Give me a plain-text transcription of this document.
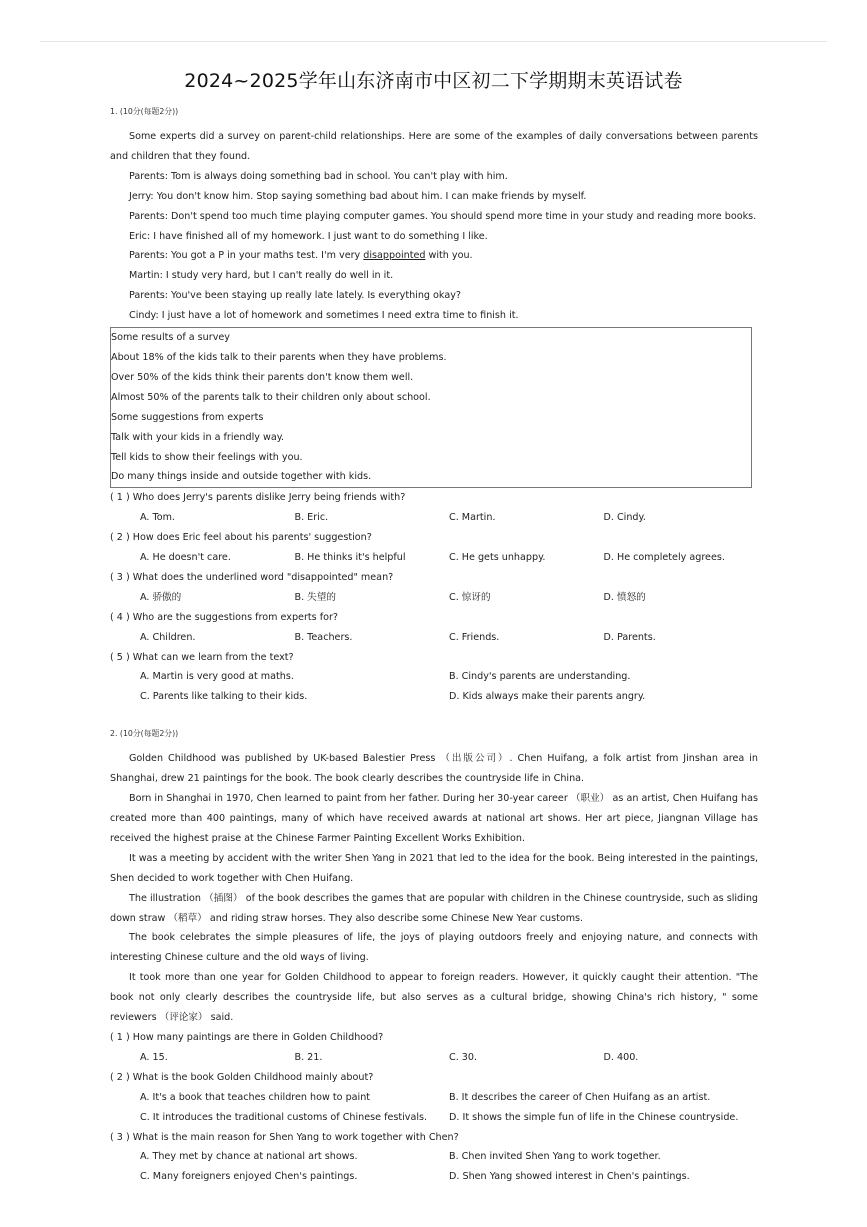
2024~2025学年山东济南市中区初二下学期期末英语试卷
1. (10分(每题2分))
Some experts did a survey on parent-child relationships. Here are some of the examples of daily conversations between parents and children that they found.
Parents: Tom is always doing something bad in school. You can't play with him.
Jerry: You don't know him. Stop saying something bad about him. I can make friends by myself.
Parents: Don't spend too much time playing computer games. You should spend more time in your study and reading more books.
Eric: I have finished all of my homework. I just want to do something I like.
Parents: You got a P in your maths test. I'm very disappointed with you.
Martin: I study very hard, but I can't really do well in it.
Parents: You've been staying up really late lately. Is everything okay?
Cindy: I just have a lot of homework and sometimes I need extra time to finish it.
Some results of a survey
About 18% of the kids talk to their parents when they have problems.
Over 50% of the kids think their parents don't know them well.
Almost 50% of the parents talk to their children only about school.
Some suggestions from experts
Talk with your kids in a friendly way.
Tell kids to show their feelings with you.
Do many things inside and outside together with kids.
( 1 ) Who does Jerry's parents dislike Jerry being friends with?
A. Tom.	B. Eric.	C. Martin.	D. Cindy.
( 2 ) How does Eric feel about his parents' suggestion?
A. He doesn't care.	B. He thinks it's helpful	C. He gets unhappy.	D. He completely agrees.
( 3 ) What does the underlined word "disappointed" mean?
A. 骄傲的	B. 失望的	C. 惊讶的	D. 愤怒的
( 4 ) Who are the suggestions from experts for?
A. Children.	B. Teachers.	C. Friends.	D. Parents.
( 5 ) What can we learn from the text?
A. Martin is very good at maths.	B. Cindy's parents are understanding.
C. Parents like talking to their kids.	D. Kids always make their parents angry.
2. (10分(每题2分))
Golden Childhood was published by UK-based Balestier Press （出版公司）. Chen Huifang, a folk artist from Jinshan area in Shanghai, drew 21 paintings for the book. The book clearly describes the countryside life in China.
Born in Shanghai in 1970, Chen learned to paint from her father. During her 30-year career （职业） as an artist, Chen Huifang has created more than 400 paintings, many of which have received awards at national art shows. Her art piece, Jiangnan Village has received the highest praise at the Chinese Farmer Painting Excellent Works Exhibition.
It was a meeting by accident with the writer Shen Yang in 2021 that led to the idea for the book. Being interested in the paintings, Shen decided to work together with Chen Huifang.
The illustration （插图） of the book describes the games that are popular with children in the Chinese countryside, such as sliding down straw （稻草） and riding straw horses. They also describe some Chinese New Year customs.
The book celebrates the simple pleasures of life, the joys of playing outdoors freely and enjoying nature, and connects with interesting Chinese culture and the old ways of living.
It took more than one year for Golden Childhood to appear to foreign readers. However, it quickly caught their attention. "The book not only clearly describes the countryside life, but also serves as a cultural bridge, showing China's rich history, " some reviewers （评论家） said.
( 1 ) How many paintings are there in Golden Childhood?
A. 15.	B. 21.	C. 30.	D. 400.
( 2 ) What is the book Golden Childhood mainly about?
A. It's a book that teaches children how to paint	B. It describes the career of Chen Huifang as an artist.
C. It introduces the traditional customs of Chinese festivals.	D. It shows the simple fun of life in the Chinese countryside.
( 3 ) What is the main reason for Shen Yang to work together with Chen?
A. They met by chance at national art shows.	B. Chen invited Shen Yang to work together.
C. Many foreigners enjoyed Chen's paintings.	D. Shen Yang showed interest in Chen's paintings.
